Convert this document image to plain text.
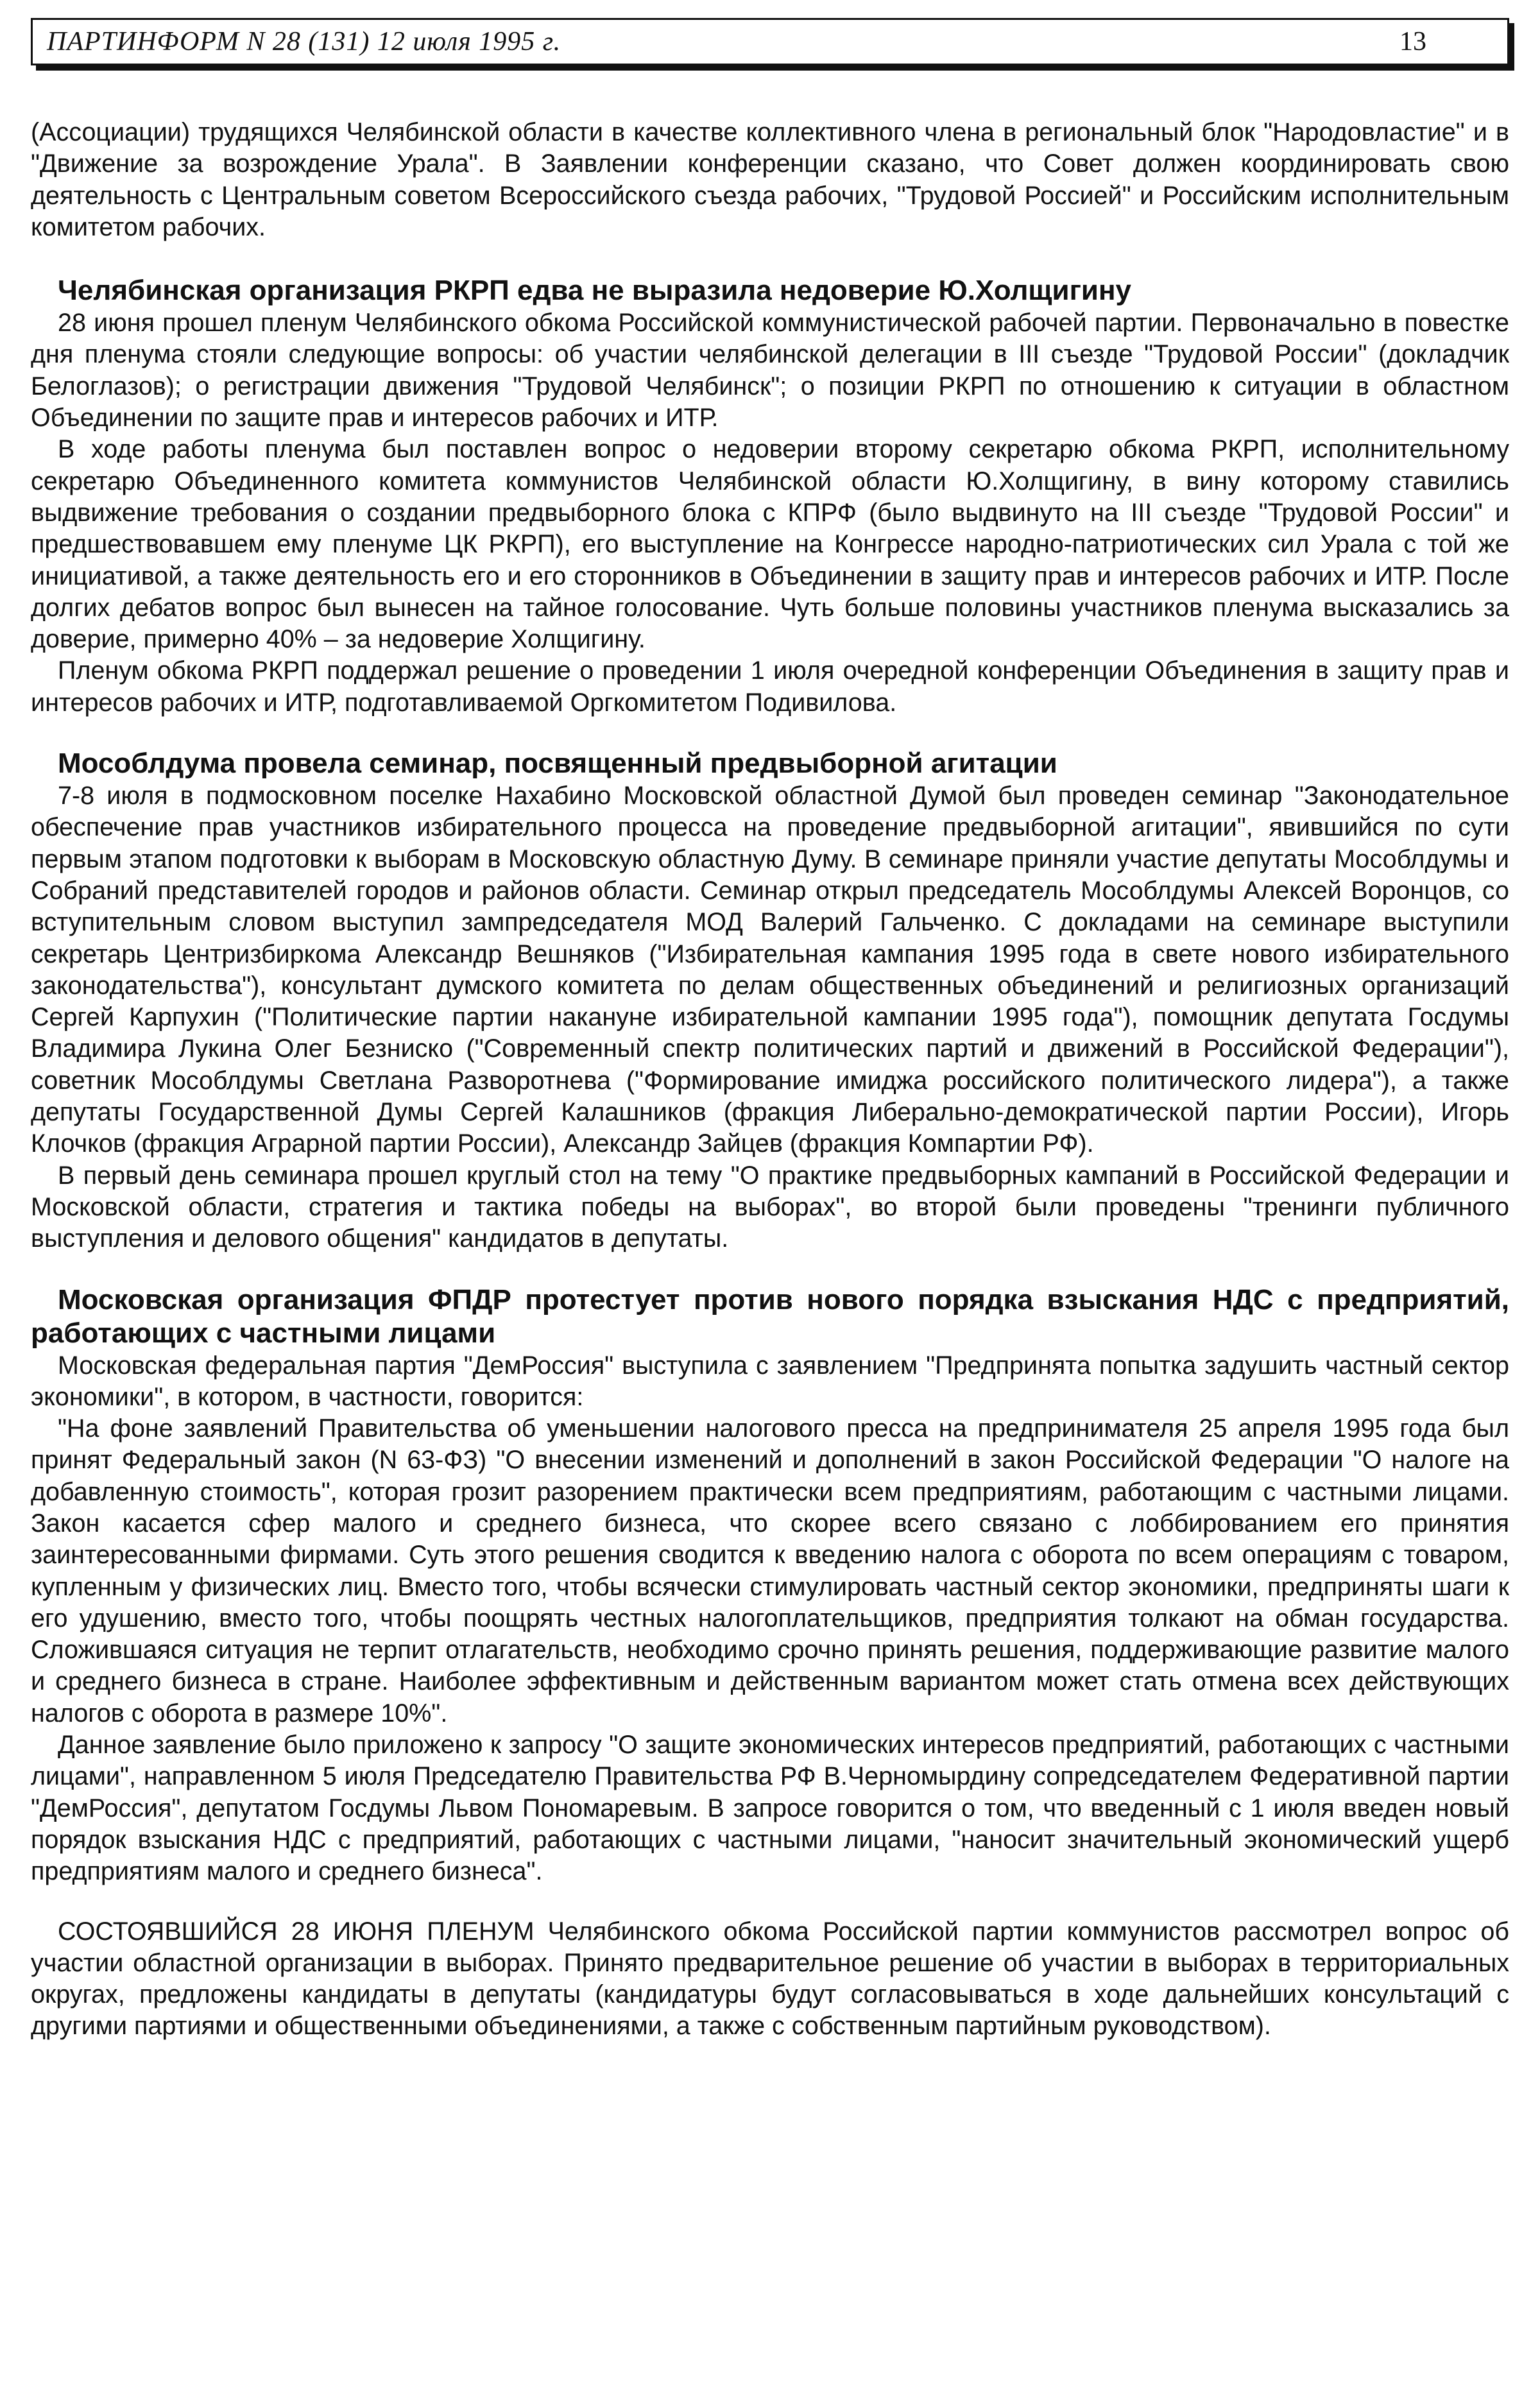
ПАРТИНФОРМ N 28 (131) 12 июля 1995 г.	13

(Ассоциации) трудящихся Челябинской области в качестве коллективного члена в региональный блок "Народовластие" и в "Движение за возрождение Урала". В Заявлении конференции сказано, что Совет должен координировать свою деятельность с Центральным советом Всероссийского съезда рабочих, "Трудовой Россией" и Российским исполнительным комитетом рабочих.

Челябинская организация РКРП едва не выразила недоверие Ю.Холщигину

28 июня прошел пленум Челябинского обкома Российской коммунистической рабочей партии. Первоначально в повестке дня пленума стояли следующие вопросы: об участии челябинской делегации в III съезде "Трудовой России" (докладчик Белоглазов); о регистрации движения "Трудовой Челябинск"; о позиции РКРП по отношению к ситуации в областном Объединении по защите прав и интересов рабочих и ИТР.

В ходе работы пленума был поставлен вопрос о недоверии второму секретарю обкома РКРП, исполнительному секретарю Объединенного комитета коммунистов Челябинской области Ю.Холщигину, в вину которому ставились выдвижение требования о создании предвыборного блока с КПРФ (было выдвинуто на III съезде "Трудовой России" и предшествовавшем ему пленуме ЦК РКРП), его выступление на Конгрессе народно-патриотических сил Урала с той же инициативой, а также деятельность его и его сторонников в Объединении в защиту прав и интересов рабочих и ИТР. После долгих дебатов вопрос был вынесен на тайное голосование. Чуть больше половины участников пленума высказались за доверие, примерно 40% – за недоверие Холщигину.

Пленум обкома РКРП поддержал решение о проведении 1 июля очередной конференции Объединения в защиту прав и интересов рабочих и ИТР, подготавливаемой Оргкомитетом Подивилова.

Мособлдума провела семинар, посвященный предвыборной агитации

7-8 июля в подмосковном поселке Нахабино Московской областной Думой был проведен семинар "Законодательное обеспечение прав участников избирательного процесса на проведение предвыборной агитации", явившийся по сути первым этапом подготовки к выборам в Московскую областную Думу. В семинаре приняли участие депутаты Мособлдумы и Собраний представителей городов и районов области. Семинар открыл председатель Мособлдумы Алексей Воронцов, со вступительным словом выступил зампредседателя МОД Валерий Гальченко. С докладами на семинаре выступили секретарь Центризбиркома Александр Вешняков ("Избирательная кампания 1995 года в свете нового избирательного законодательства"), консультант думского комитета по делам общественных объединений и религиозных организаций Сергей Карпухин ("Политические партии накануне избирательной кампании 1995 года"), помощник депутата Госдумы Владимира Лукина Олег Безниско ("Современный спектр политических партий и движений в Российской Федерации"), советник Мособлдумы Светлана Разворотнева ("Формирование имиджа российского политического лидера"), а также депутаты Государственной Думы Сергей Калашников (фракция Либерально-демократической партии России), Игорь Клочков (фракция Аграрной партии России), Александр Зайцев (фракция Компартии РФ).

В первый день семинара прошел круглый стол на тему "О практике предвыборных кампаний в Российской Федерации и Московской области, стратегия и тактика победы на выборах", во второй были проведены "тренинги публичного выступления и делового общения" кандидатов в депутаты.

Московская организация ФПДР протестует против нового порядка взыскания НДС с предприятий, работающих с частными лицами

Московская федеральная партия "ДемРоссия" выступила с заявлением "Предпринята попытка задушить частный сектор экономики", в котором, в частности, говорится:

"На фоне заявлений Правительства об уменьшении налогового пресса на предпринимателя 25 апреля 1995 года был принят Федеральный закон (N 63-ФЗ) "О внесении изменений и дополнений в закон Российской Федерации "О налоге на добавленную стоимость", которая грозит разорением практически всем предприятиям, работающим с частными лицами. Закон касается сфер малого и среднего бизнеса, что скорее всего связано с лоббированием его принятия заинтересованными фирмами. Суть этого решения сводится к введению налога с оборота по всем операциям с товаром, купленным у физических лиц. Вместо того, чтобы всячески стимулировать частный сектор экономики, предприняты шаги к его удушению, вместо того, чтобы поощрять честных налогоплательщиков, предприятия толкают на обман государства. Сложившаяся ситуация не терпит отлагательств, необходимо срочно принять решения, поддерживающие развитие малого и среднего бизнеса в стране. Наиболее эффективным и действенным вариантом может стать отмена всех действующих налогов с оборота в размере 10%".

Данное заявление было приложено к запросу "О защите экономических интересов предприятий, работающих с частными лицами", направленном 5 июля Председателю Правительства РФ В.Черномырдину сопредседателем Федеративной партии "ДемРоссия", депутатом Госдумы Львом Пономаревым. В запросе говорится о том, что введенный с 1 июля введен новый порядок взыскания НДС с предприятий, работающих с частными лицами, "наносит значительный экономический ущерб предприятиям малого и среднего бизнеса".

СОСТОЯВШИЙСЯ 28 ИЮНЯ ПЛЕНУМ Челябинского обкома Российской партии коммунистов рассмотрел вопрос об участии областной организации в выборах. Принято предварительное решение об участии в выборах в территориальных округах, предложены кандидаты в депутаты (кандидатуры будут согласовываться в ходе дальнейших консультаций с другими партиями и общественными объединениями, а также с собственным партийным руководством).
